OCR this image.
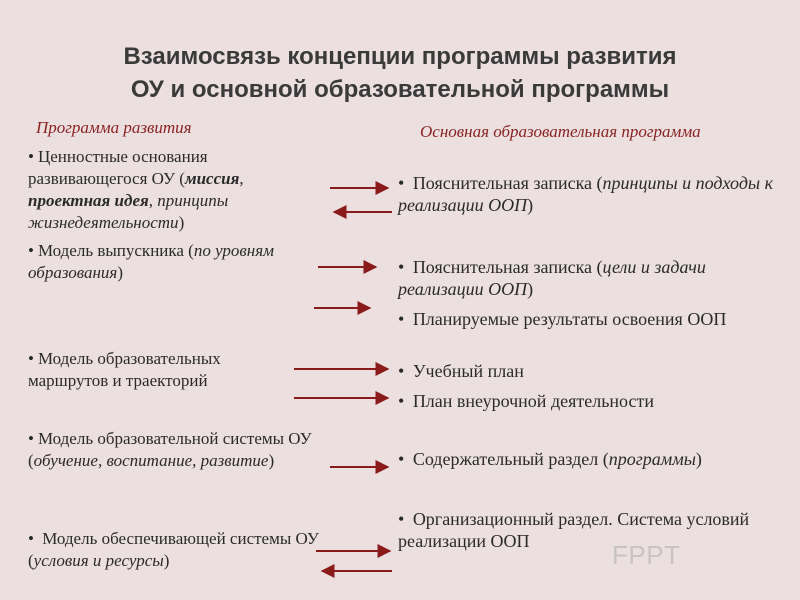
Взаимосвязь концепции программы развития
ОУ и основной образовательной программы
Программа развития
• Ценностные основания развивающегося ОУ (миссия, проектная идея, принципы жизнедеятельности)
• Модель выпускника (по уровням образования)
• Модель образовательных маршрутов и траекторий
• Модель образовательной системы ОУ (обучение, воспитание, развитие)
• Модель обеспечивающей системы ОУ (условия и ресурсы)
Основная образовательная программа
• Пояснительная записка (принципы и подходы к реализации ООП)
• Пояснительная записка (цели и задачи реализации ООП)
• Планируемые результаты освоения ООП
• Учебный план
• План внеурочной деятельности
• Содержательный раздел (программы)
• Организационный раздел. Система условий реализации ООП	FPPT
